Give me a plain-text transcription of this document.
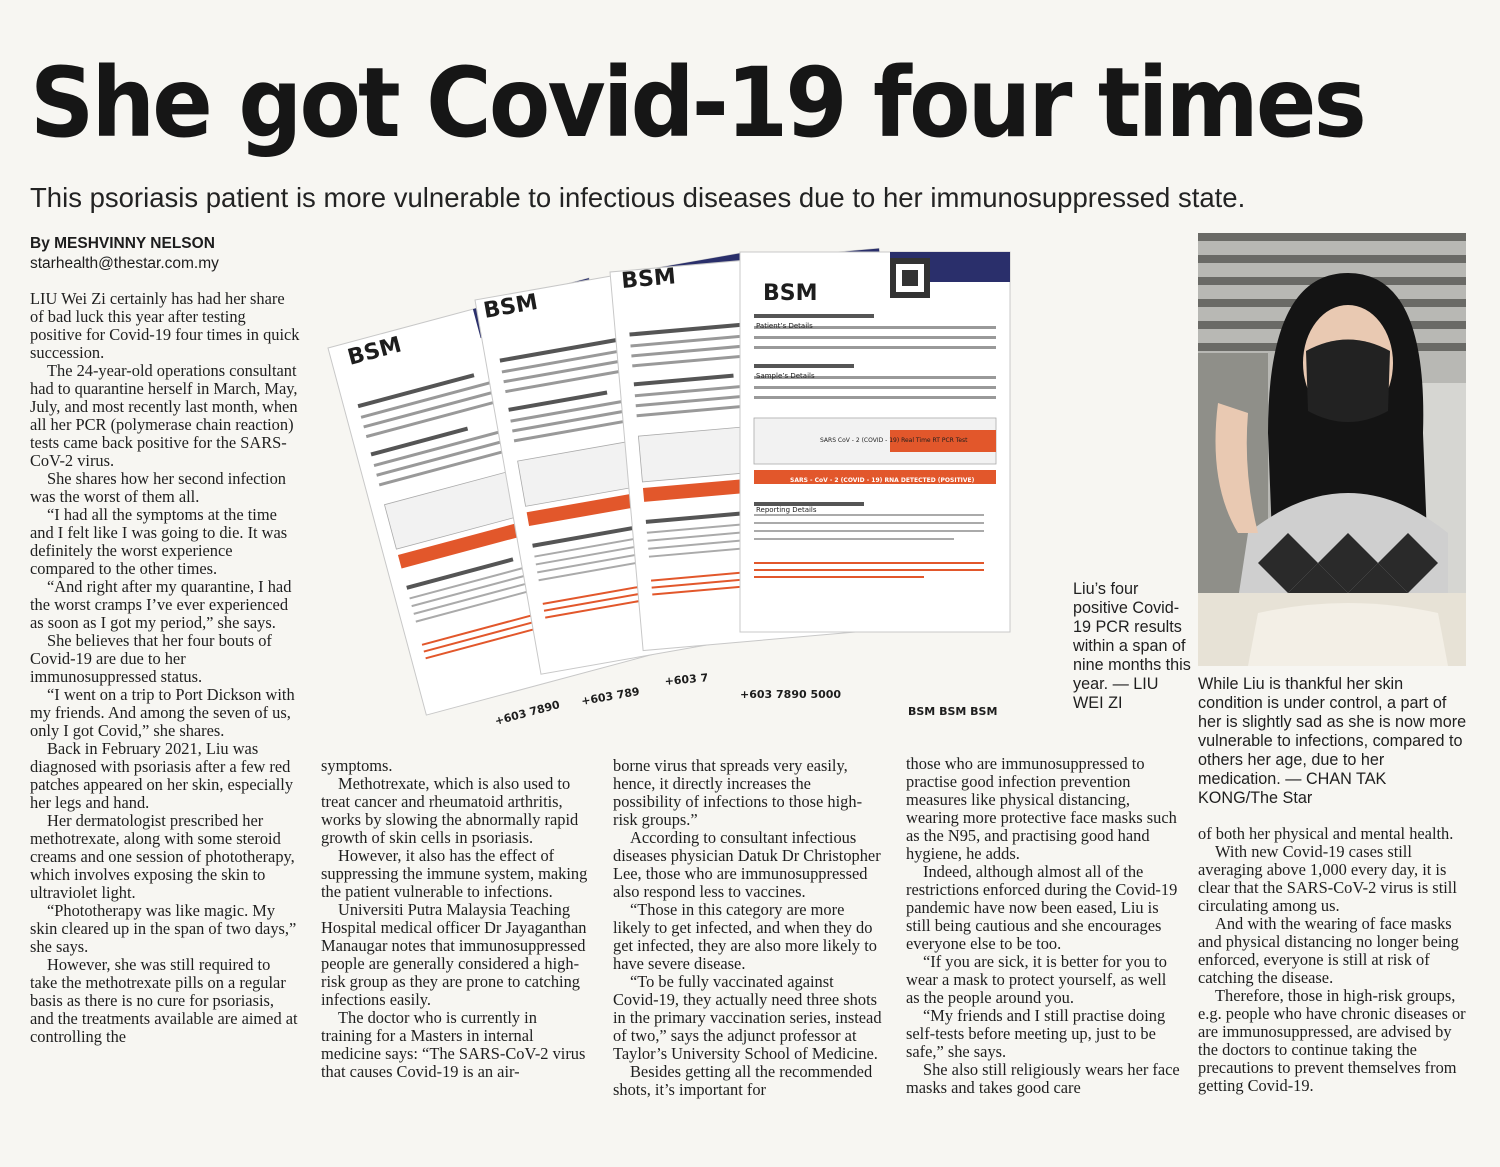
She got Covid-19 four times
This psoriasis patient is more vulnerable to infectious diseases due to her immunosuppressed state.
By MESHVINNY NELSON
starhealth@thestar.com.my
BSM
BSM
BSM	BSM
Patient’s Details
Sample’s Details
SARS CoV - 2 (COVID - 19) Real Time RT PCR Test
SARS - CoV - 2 (COVID - 19) RNA DETECTED (POSITIVE)
Reporting Details
+603 7890
+603 789
+603 7
+603 7890 5000
BSM BSM BSM
Liu’s four positive Covid-19 PCR results within a span of nine months this year. — LIU WEI ZI
While Liu is thankful her skin condition is under control, a part of her is slightly sad as she is now more vulnerable to infections, compared to others her age, due to her medication. — CHAN TAK KONG/The Star

LIU Wei Zi certainly has had her share of bad luck this year after testing positive for Covid-19 four times in quick succession.

The 24-year-old operations consultant had to quarantine herself in March, May, July, and most recently last month, when all her PCR (polymerase chain reaction) tests came back positive for the SARS-CoV-2 virus.

She shares how her second infection was the worst of them all.

“I had all the symptoms at the time and I felt like I was going to die. It was definitely the worst experience compared to the other times.

“And right after my quarantine, I had the worst cramps I’ve ever experienced as soon as I got my period,” she says.

She believes that her four bouts of Covid-19 are due to her immunosuppressed status.

“I went on a trip to Port Dickson with my friends. And among the seven of us, only I got Covid,” she shares.

Back in February 2021, Liu was diagnosed with psoriasis after a few red patches appeared on her skin, especially her legs and hand.

Her dermatologist prescribed her methotrexate, along with some steroid creams and one session of phototherapy, which involves exposing the skin to ultraviolet light.

“Phototherapy was like magic. My skin cleared up in the span of two days,” she says.

However, she was still required to take the methotrexate pills on a regular basis as there is no cure for psoriasis, and the treatments available are aimed at controlling the

symptoms.

Methotrexate, which is also used to treat cancer and rheumatoid arthritis, works by slowing the abnormally rapid growth of skin cells in psoriasis.

However, it also has the effect of suppressing the immune system, making the patient vulnerable to infections.

Universiti Putra Malaysia Teaching Hospital medical officer Dr Jayaganthan Manaugar notes that immunosuppressed people are generally considered a high-risk group as they are prone to catching infections easily.

The doctor who is currently in training for a Masters in internal medicine says: “The SARS-CoV-2 virus that causes Covid-19 is an air-

borne virus that spreads very easily, hence, it directly increases the possibility of infections to those high-risk groups.”

According to consultant infectious diseases physician Datuk Dr Christopher Lee, those who are immunosuppressed also respond less to vaccines.

“Those in this category are more likely to get infected, and when they do get infected, they are also more likely to have severe disease.

“To be fully vaccinated against Covid-19, they actually need three shots in the primary vaccination series, instead of two,” says the adjunct professor at Taylor’s University School of Medicine.

Besides getting all the recommended shots, it’s important for

those who are immunosuppressed to practise good infection prevention measures like physical distancing, wearing more protective face masks such as the N95, and practising good hand hygiene, he adds.

Indeed, although almost all of the restrictions enforced during the Covid-19 pandemic have now been eased, Liu is still being cautious and she encourages everyone else to be too.

“If you are sick, it is better for you to wear a mask to protect yourself, as well as the people around you.

“My friends and I still practise doing self-tests before meeting up, just to be safe,” she says.

She also still religiously wears her face masks and takes good care

of both her physical and mental health.

With new Covid-19 cases still averaging above 1,000 every day, it is clear that the SARS-CoV-2 virus is still circulating among us.

And with the wearing of face masks and physical distancing no longer being enforced, everyone is still at risk of catching the disease.

Therefore, those in high-risk groups, e.g. people who have chronic diseases or are immunosuppressed, are advised by the doctors to continue taking the precautions to prevent themselves from getting Covid-19.
